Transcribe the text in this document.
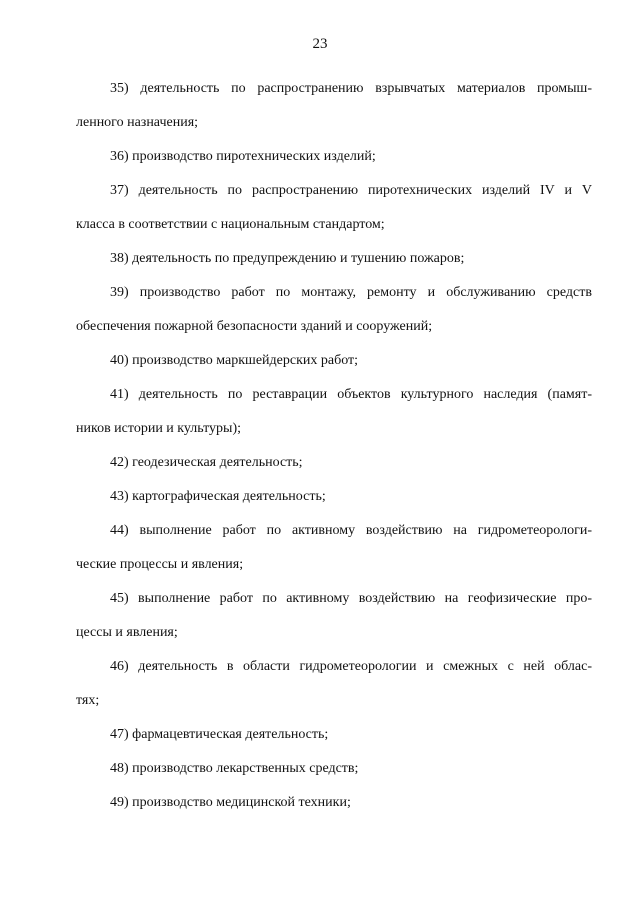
23
35) деятельность по распространению взрывчатых материалов промыш-
ленного назначения;
36) производство пиротехнических изделий;
37) деятельность по распространению пиротехнических изделий IV и V
класса в соответствии с национальным стандартом;
38) деятельность по предупреждению и тушению пожаров;
39) производство работ по монтажу, ремонту и обслуживанию средств
обеспечения пожарной безопасности зданий и сооружений;
40) производство маркшейдерских работ;
41) деятельность по реставрации объектов культурного наследия (памят-
ников истории и культуры);
42) геодезическая деятельность;
43) картографическая деятельность;
44) выполнение работ по активному воздействию на гидрометеорологи-
ческие процессы и явления;
45) выполнение работ по активному воздействию на геофизические про-
цессы и явления;
46) деятельность в области гидрометеорологии и смежных с ней облас-
тях;
47) фармацевтическая деятельность;
48) производство лекарственных средств;
49) производство медицинской техники;
